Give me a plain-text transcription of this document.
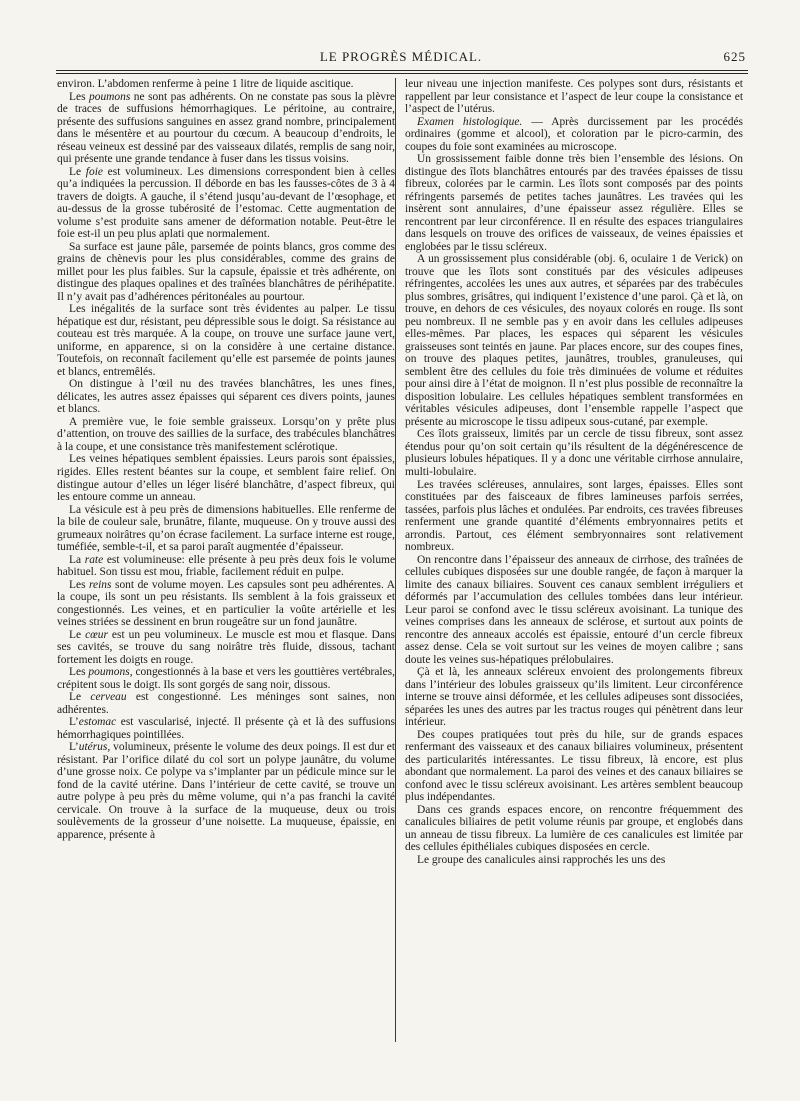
LE PROGRÈS MÉDICAL.	625

environ. L’abdomen renferme à peine 1 litre de liquide ascitique.

Les poumons ne sont pas adhérents. On ne constate pas sous la plèvre de traces de suffusions hémorrhagiques. Le péritoine, au contraire, présente des suffusions sanguines en assez grand nombre, principalement dans le mésentère et au pourtour du cœcum. A beaucoup d’endroits, le réseau veineux est dessiné par des vaisseaux dilatés, remplis de sang noir, qui présente une grande tendance à fuser dans les tissus voisins.

Le foie est volumineux. Les dimensions correspondent bien à celles qu’a indiquées la percussion. Il déborde en bas les fausses-côtes de 3 à 4 travers de doigts. A gauche, il s’étend jusqu’au-devant de l’œsophage, et au-dessus de la grosse tubérosité de l’estomac. Cette augmentation de volume s’est produite sans amener de déformation notable. Peut-être le foie est-il un peu plus aplati que normalement.

Sa surface est jaune pâle, parsemée de points blancs, gros comme des grains de chènevis pour les plus considérables, comme des grains de millet pour les plus faibles. Sur la capsule, épaissie et très adhérente, on distingue des plaques opalines et des traînées blanchâtres de périhépatite. Il n’y avait pas d’adhérences péritonéales au pourtour.

Les inégalités de la surface sont très évidentes au palper. Le tissu hépatique est dur, résistant, peu dépressible sous le doigt. Sa résistance au couteau est très marquée. A la coupe, on trouve une surface jaune vert, uniforme, en apparence, si on la considère à une certaine distance. Toutefois, on reconnaît facilement qu’elle est parsemée de points jaunes et blancs, entremêlés.

On distingue à l’œil nu des travées blanchâtres, les unes fines, délicates, les autres assez épaisses qui séparent ces divers points, jaunes et blancs.

A première vue, le foie semble graisseux. Lorsqu’on y prête plus d’attention, on trouve des saillies de la surface, des trabécules blanchâtres à la coupe, et une consistance très manifestement sclérotique.

Les veines hépatiques semblent épaissies. Leurs parois sont épaissies, rigides. Elles restent béantes sur la coupe, et semblent faire relief. On distingue autour d’elles un léger liséré blanchâtre, d’aspect fibreux, qui les entoure comme un anneau.

La vésicule est à peu près de dimensions habituelles. Elle renferme de la bile de couleur sale, brunâtre, filante, muqueuse. On y trouve aussi des grumeaux noirâtres qu’on écrase facilement. La surface interne est rouge, tuméfiée, semble-t-il, et sa paroi paraît augmentée d’épaisseur.

La rate est volumineuse: elle présente à peu près deux fois le volume habituel. Son tissu est mou, friable, facilement réduit en pulpe.

Les reins sont de volume moyen. Les capsules sont peu adhérentes. A la coupe, ils sont un peu résistants. Ils semblent à la fois graisseux et congestionnés. Les veines, et en particulier la voûte artérielle et les veines striées se dessinent en brun rougeâtre sur un fond jaunâtre.

Le cœur est un peu volumineux. Le muscle est mou et flasque. Dans ses cavités, se trouve du sang noirâtre très fluide, dissous, tachant fortement les doigts en rouge.

Les poumons, congestionnés à la base et vers les gouttières vertébrales, crépitent sous le doigt. Ils sont gorgés de sang noir, dissous.

Le cerveau est congestionné. Les méninges sont saines, non adhérentes.

L’estomac est vascularisé, injecté. Il présente çà et là des suffusions hémorrhagiques pointillées.

L’utérus, volumineux, présente le volume des deux poings. Il est dur et résistant. Par l’orifice dilaté du col sort un polype jaunâtre, du volume d’une grosse noix. Ce polype va s’implanter par un pédicule mince sur le fond de la cavité utérine. Dans l’intérieur de cette cavité, se trouve un autre polype à peu près du même volume, qui n’a pas franchi la cavité cervicale. On trouve à la surface de la muqueuse, deux ou trois soulèvements de la grosseur d’une noisette. La muqueuse, épaissie, en apparence, présente à

leur niveau une injection manifeste. Ces polypes sont durs, résistants et rappellent par leur consistance et l’aspect de leur coupe la consistance et l’aspect de l’utérus.

Examen histologique. — Après durcissement par les procédés ordinaires (gomme et alcool), et coloration par le picro-carmin, des coupes du foie sont examinées au microscope.

Un grossissement faible donne très bien l’ensemble des lésions. On distingue des îlots blanchâtres entourés par des travées épaisses de tissu fibreux, colorées par le carmin. Les îlots sont composés par des points réfringents parsemés de petites taches jaunâtres. Les travées qui les insèrent sont annulaires, d’une épaisseur assez régulière. Elles se rencontrent par leur circonférence. Il en résulte des espaces triangulaires dans lesquels on trouve des orifices de vaisseaux, de veines épaissies et englobées par le tissu scléreux.

A un grossissement plus considérable (obj. 6, oculaire 1 de Verick) on trouve que les îlots sont constitués par des vésicules adipeuses réfringentes, accolées les unes aux autres, et séparées par des trabécules plus sombres, grisâtres, qui indiquent l’existence d’une paroi. Çà et là, on trouve, en dehors de ces vésicules, des noyaux colorés en rouge. Ils sont peu nombreux. Il ne semble pas y en avoir dans les cellules adipeuses elles-mêmes. Par places, les espaces qui séparent les vésicules graisseuses sont teintés en jaune. Par places encore, sur des coupes fines, on trouve des plaques petites, jaunâtres, troubles, granuleuses, qui semblent être des cellules du foie très diminuées de volume et réduites pour ainsi dire à l’état de moignon. Il n’est plus possible de reconnaître la disposition lobulaire. Les cellules hépatiques semblent transformées en véritables vésicules adipeuses, dont l’ensemble rappelle l’aspect que présente au microscope le tissu adipeux sous-cutané, par exemple.

Ces îlots graisseux, limités par un cercle de tissu fibreux, sont assez étendus pour qu’on soit certain qu’ils résultent de la dégénérescence de plusieurs lobules hépatiques. Il y a donc une véritable cirrhose annulaire, multi-lobulaire.

Les travées scléreuses, annulaires, sont larges, épaisses. Elles sont constituées par des faisceaux de fibres lamineuses parfois serrées, tassées, parfois plus lâches et ondulées. Par endroits, ces travées fibreuses renferment une grande quantité d’éléments embryonnaires petits et arrondis. Partout, ces élément sembryonnaires sont relativement nombreux.

On rencontre dans l’épaisseur des anneaux de cirrhose, des traînées de cellules cubiques disposées sur une double rangée, de façon à marquer la limite des canaux biliaires. Souvent ces canaux semblent irréguliers et déformés par l’accumulation des cellules tombées dans leur intérieur. Leur paroi se confond avec le tissu scléreux avoisinant. La tunique des veines comprises dans les anneaux de sclérose, et surtout aux points de rencontre des anneaux accolés est épaissie, entouré d’un cercle fibreux assez dense. Cela se voit surtout sur les veines de moyen calibre ; sans doute les veines sus-hépatiques prélobulaires.

Çà et là, les anneaux scléreux envoient des prolongements fibreux dans l’intérieur des lobules graisseux qu’ils limitent. Leur circonférence interne se trouve ainsi déformée, et les cellules adipeuses sont dissociées, séparées les unes des autres par les tractus rouges qui pénètrent dans leur intérieur.

Des coupes pratiquées tout près du hile, sur de grands espaces renfermant des vaisseaux et des canaux biliaires volumineux, présentent des particularités intéressantes. Le tissu fibreux, là encore, est plus abondant que normalement. La paroi des veines et des canaux biliaires se confond avec le tissu scléreux avoisinant. Les artères semblent beaucoup plus indépendantes.

Dans ces grands espaces encore, on rencontre fréquemment des canalicules biliaires de petit volume réunis par groupe, et englobés dans un anneau de tissu fibreux. La lumière de ces canalicules est limitée par des cellules épithéliales cubiques disposées en cercle.

Le groupe des canalicules ainsi rapprochés les uns des
